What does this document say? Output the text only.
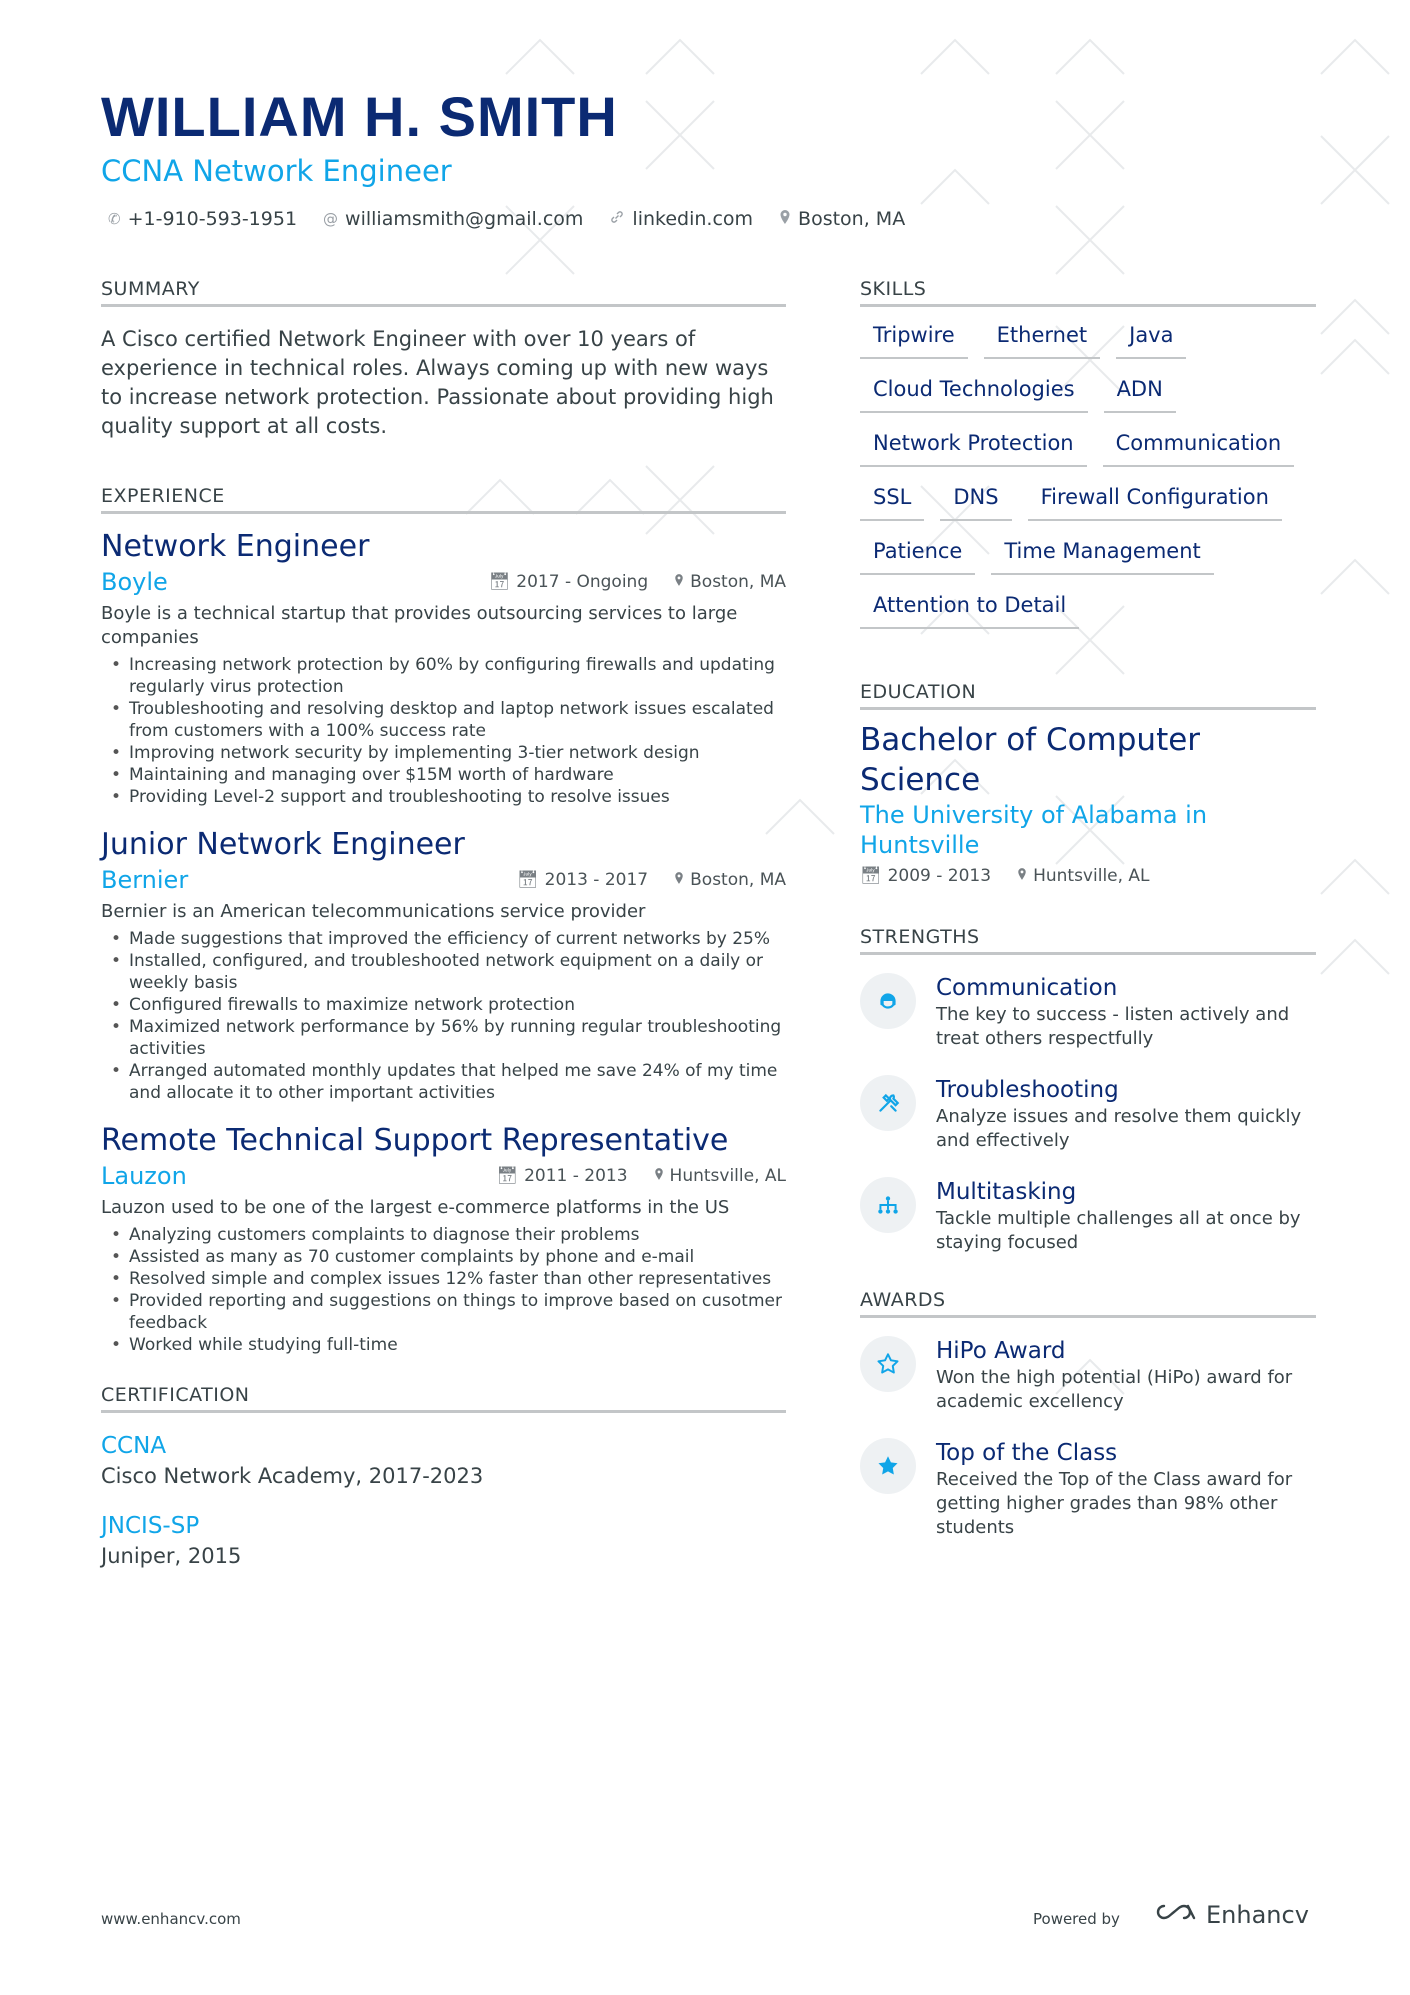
WILLIAM H. SMITH
CCNA Network Engineer
✆ +1-910-593-1951 @ williamsmith@gmail.com	linkedin.com Boston, MA
SUMMARY
A Cisco certified Network Engineer with over 10 years of experience in technical roles. Always coming up with new ways to increase network protection. Passionate about providing high quality support at all costs.
EXPERIENCE
Network Engineer
Boyle	📅︎ 2017 - Ongoing	Boston, MA
Boyle is a technical startup that provides outsourcing services to large companies
• Increasing network protection by 60% by configuring firewalls and updating regularly virus protection
• Troubleshooting and resolving desktop and laptop network issues escalated from customers with a 100% success rate
• Improving network security by implementing 3-tier network design
• Maintaining and managing over $15M worth of hardware
• Providing Level-2 support and troubleshooting to resolve issues
Junior Network Engineer
Bernier	📅︎ 2013 - 2017	Boston, MA
Bernier is an American telecommunications service provider
• Made suggestions that improved the efficiency of current networks by 25%
• Installed, configured, and troubleshooted network equipment on a daily or weekly basis
• Configured firewalls to maximize network protection
• Maximized network performance by 56% by running regular troubleshooting activities
• Arranged automated monthly updates that helped me save 24% of my time and allocate it to other important activities
Remote Technical Support Representative
Lauzon	📅︎ 2011 - 2013	Huntsville, AL
Lauzon used to be one of the largest e-commerce platforms in the US
• Analyzing customers complaints to diagnose their problems
• Assisted as many as 70 customer complaints by phone and e-mail
• Resolved simple and complex issues 12% faster than other representatives
• Provided reporting and suggestions on things to improve based on cusotmer feedback
• Worked while studying full-time
CERTIFICATION
CCNA
Cisco Network Academy, 2017-2023
JNCIS-SP
Juniper, 2015
SKILLS
Tripwire	Ethernet	Java
Cloud Technologies	ADN
Network Protection	Communication
SSL	DNS	Firewall Configuration
Patience	Time Management
Attention to Detail
EDUCATION
Bachelor of Computer Science
The University of Alabama in Huntsville
📅︎ 2009 - 2013	Huntsville, AL
STRENGTHS
Communication
The key to success - listen actively and treat others respectfully
Troubleshooting
Analyze issues and resolve them quickly and effectively
Multitasking
Tackle multiple challenges all at once by staying focused
AWARDS
HiPo Award
Won the high potential (HiPo) award for academic excellency
Top of the Class
Received the Top of the Class award for getting higher grades than 98% other students
www.enhancv.com	Powered by	Enhancv
